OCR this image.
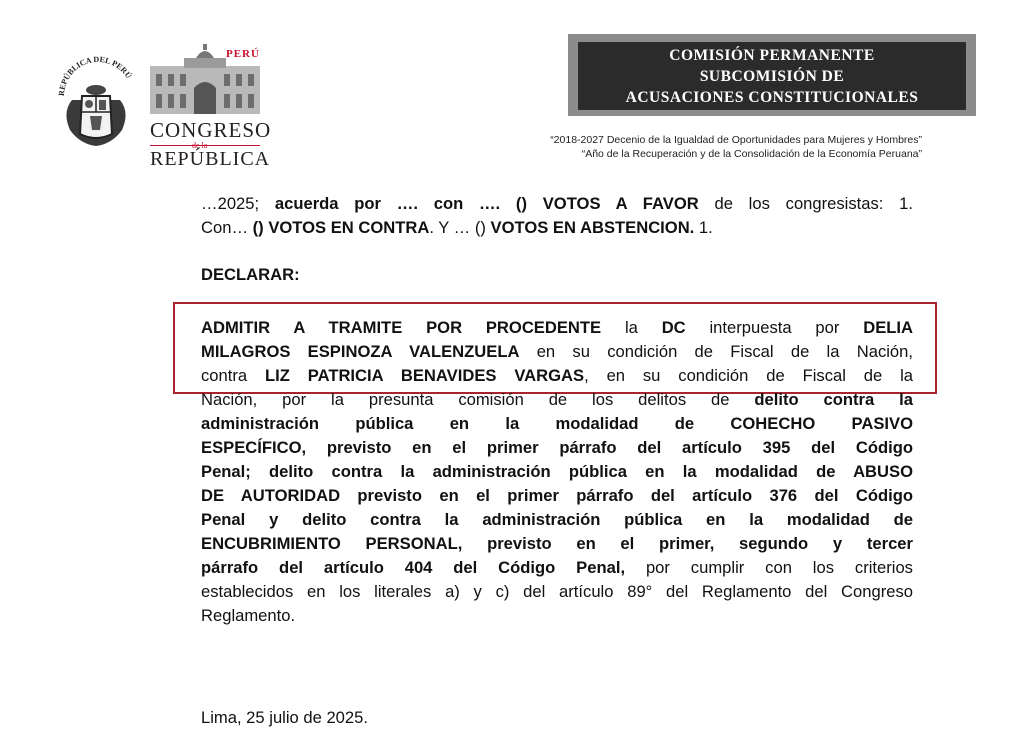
REPÚBLICA DEL PERÚ
PERÚ
CONGRESO
de la
REPÚBLICA
COMISIÓN PERMANENTE
SUBCOMISIÓN DE
ACUSACIONES CONSTITUCIONALES
“2018-2027 Decenio de la Igualdad de Oportunidades para Mujeres y Hombres”
“Año de la Recuperación y de la Consolidación de la Economía Peruana”
…2025; acuerda por …. con …. () VOTOS A FAVOR de los congresistas: 1.
Con… () VOTOS EN CONTRA. Y … () VOTOS EN ABSTENCION. 1.
DECLARAR:
ADMITIR A TRAMITE POR PROCEDENTE la DC interpuesta por DELIA
MILAGROS ESPINOZA VALENZUELA en su condición de Fiscal de la Nación,
contra LIZ PATRICIA BENAVIDES VARGAS, en su condición de Fiscal de la
Nación, por la presunta comisión de los delitos de delito contra la
administración pública en la modalidad de COHECHO PASIVO
ESPECÍFICO, previsto en el primer párrafo del artículo 395 del Código
Penal; delito contra la administración pública en la modalidad de ABUSO
DE AUTORIDAD previsto en el primer párrafo del artículo 376 del Código
Penal y delito contra la administración pública en la modalidad de
ENCUBRIMIENTO PERSONAL, previsto en el primer, segundo y tercer
párrafo del artículo 404 del Código Penal, por cumplir con los criterios
establecidos en los literales a) y c) del artículo 89° del Reglamento del Congreso
Reglamento.
Lima, 25 julio de 2025.
